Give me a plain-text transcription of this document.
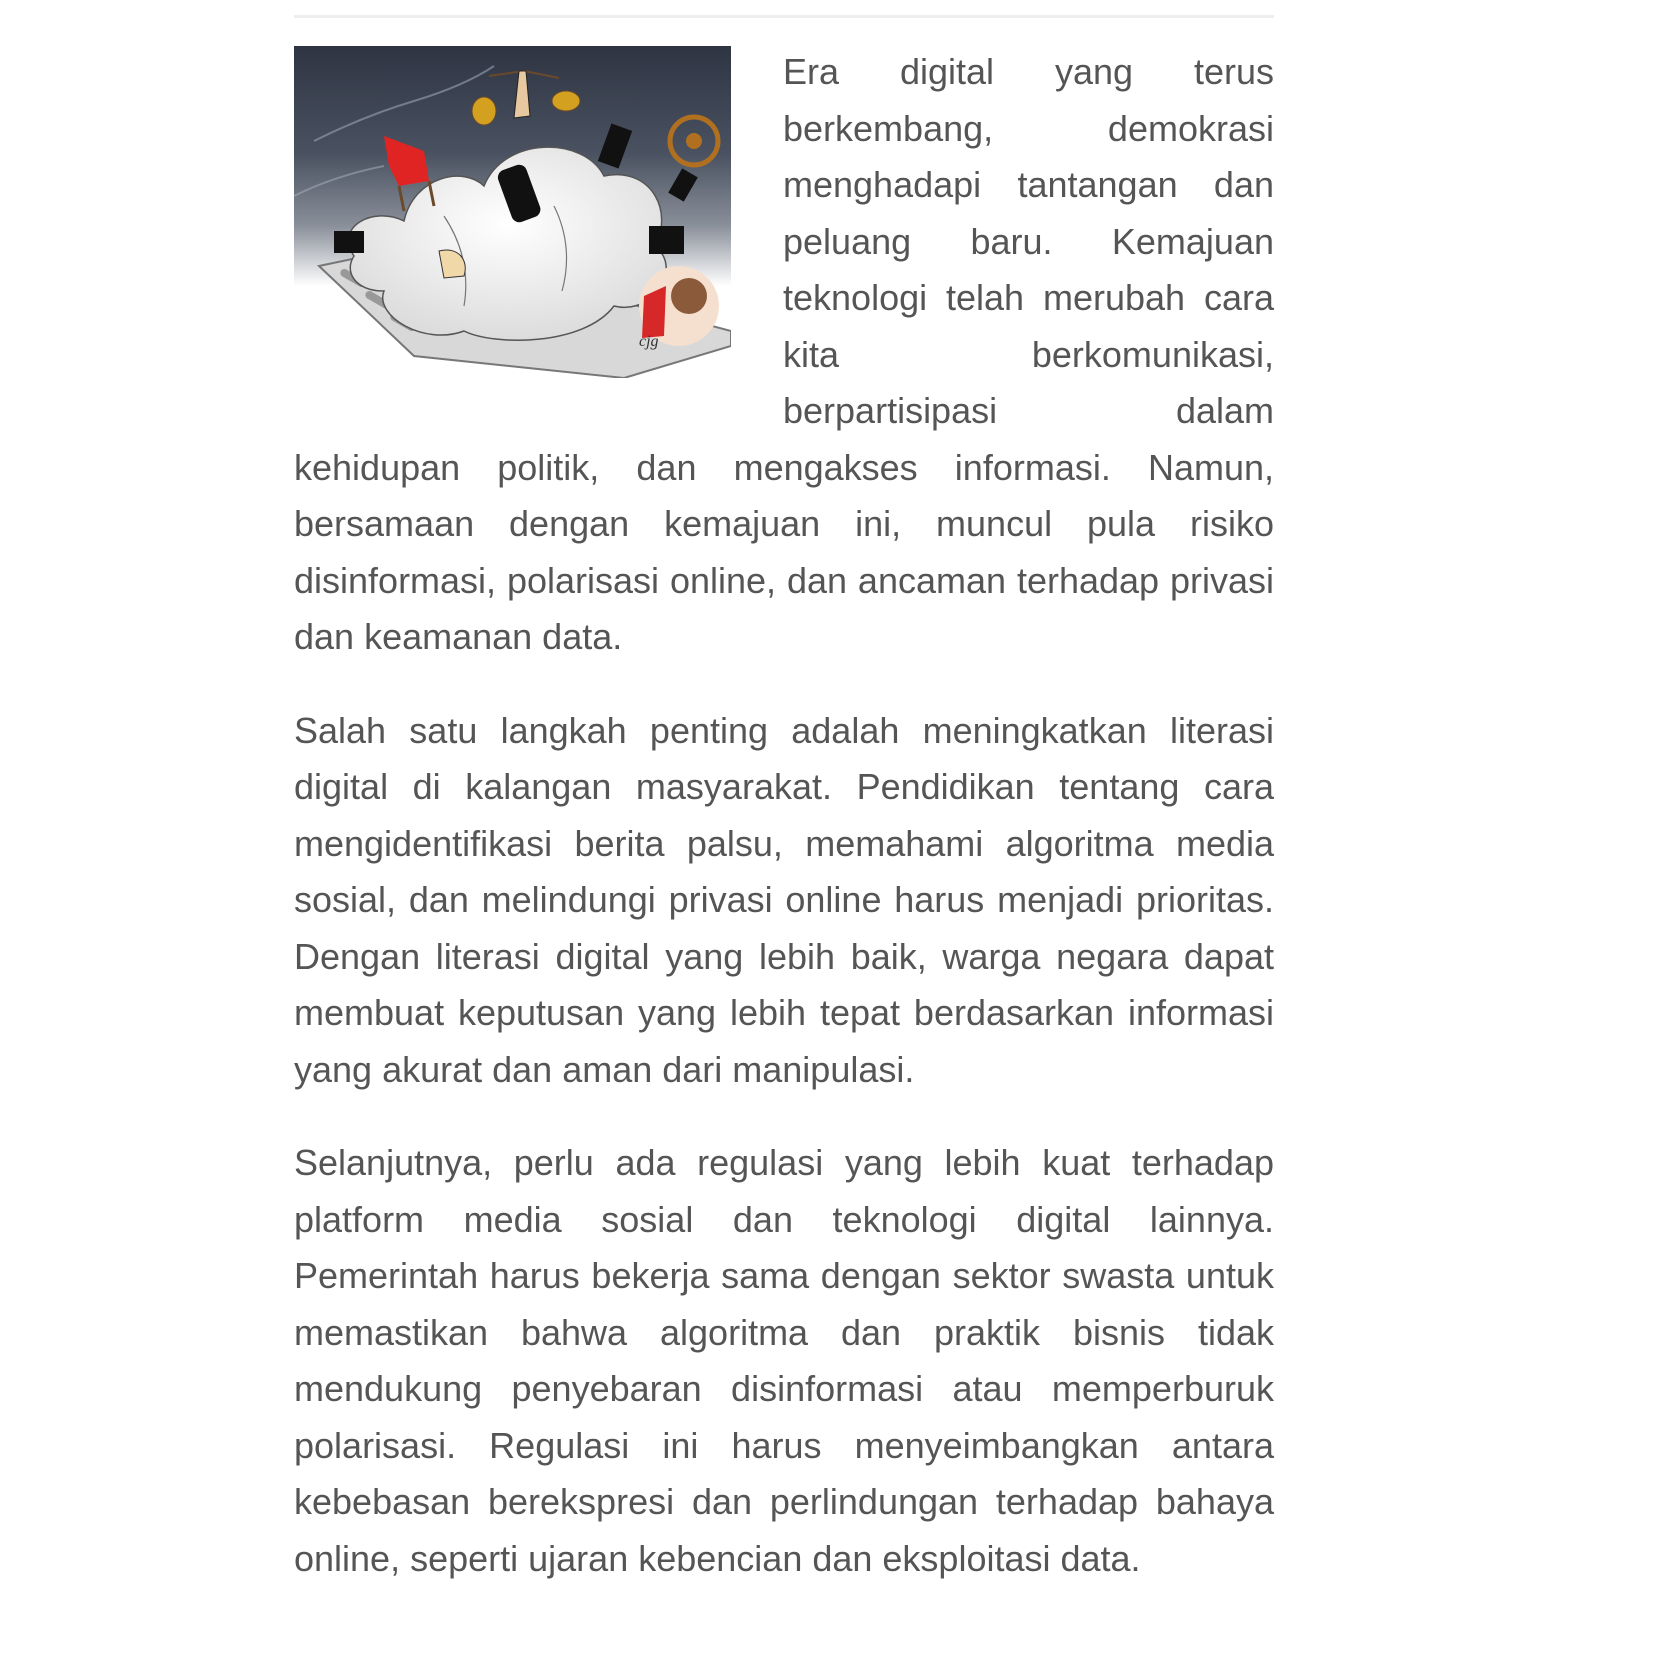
cjg

Era digital yang terus berkembang, demokrasi menghadapi tantangan dan peluang baru. Kemajuan teknologi telah merubah cara kita berkomunikasi, berpartisipasi dalam kehidupan politik, dan mengakses informasi. Namun, bersamaan dengan kemajuan ini, muncul pula risiko disinformasi, polarisasi online, dan ancaman terhadap privasi dan keamanan data.

Salah satu langkah penting adalah meningkatkan literasi digital di kalangan masyarakat. Pendidikan tentang cara mengidentifikasi berita palsu, memahami algoritma media sosial, dan melindungi privasi online harus menjadi prioritas. Dengan literasi digital yang lebih baik, warga negara dapat membuat keputusan yang lebih tepat berdasarkan informasi yang akurat dan aman dari manipulasi.

Selanjutnya, perlu ada regulasi yang lebih kuat terhadap platform media sosial dan teknologi digital lainnya. Pemerintah harus bekerja sama dengan sektor swasta untuk memastikan bahwa algoritma dan praktik bisnis tidak mendukung penyebaran disinformasi atau memperburuk polarisasi. Regulasi ini harus menyeimbangkan antara kebebasan berekspresi dan perlindungan terhadap bahaya online, seperti ujaran kebencian dan eksploitasi data.
